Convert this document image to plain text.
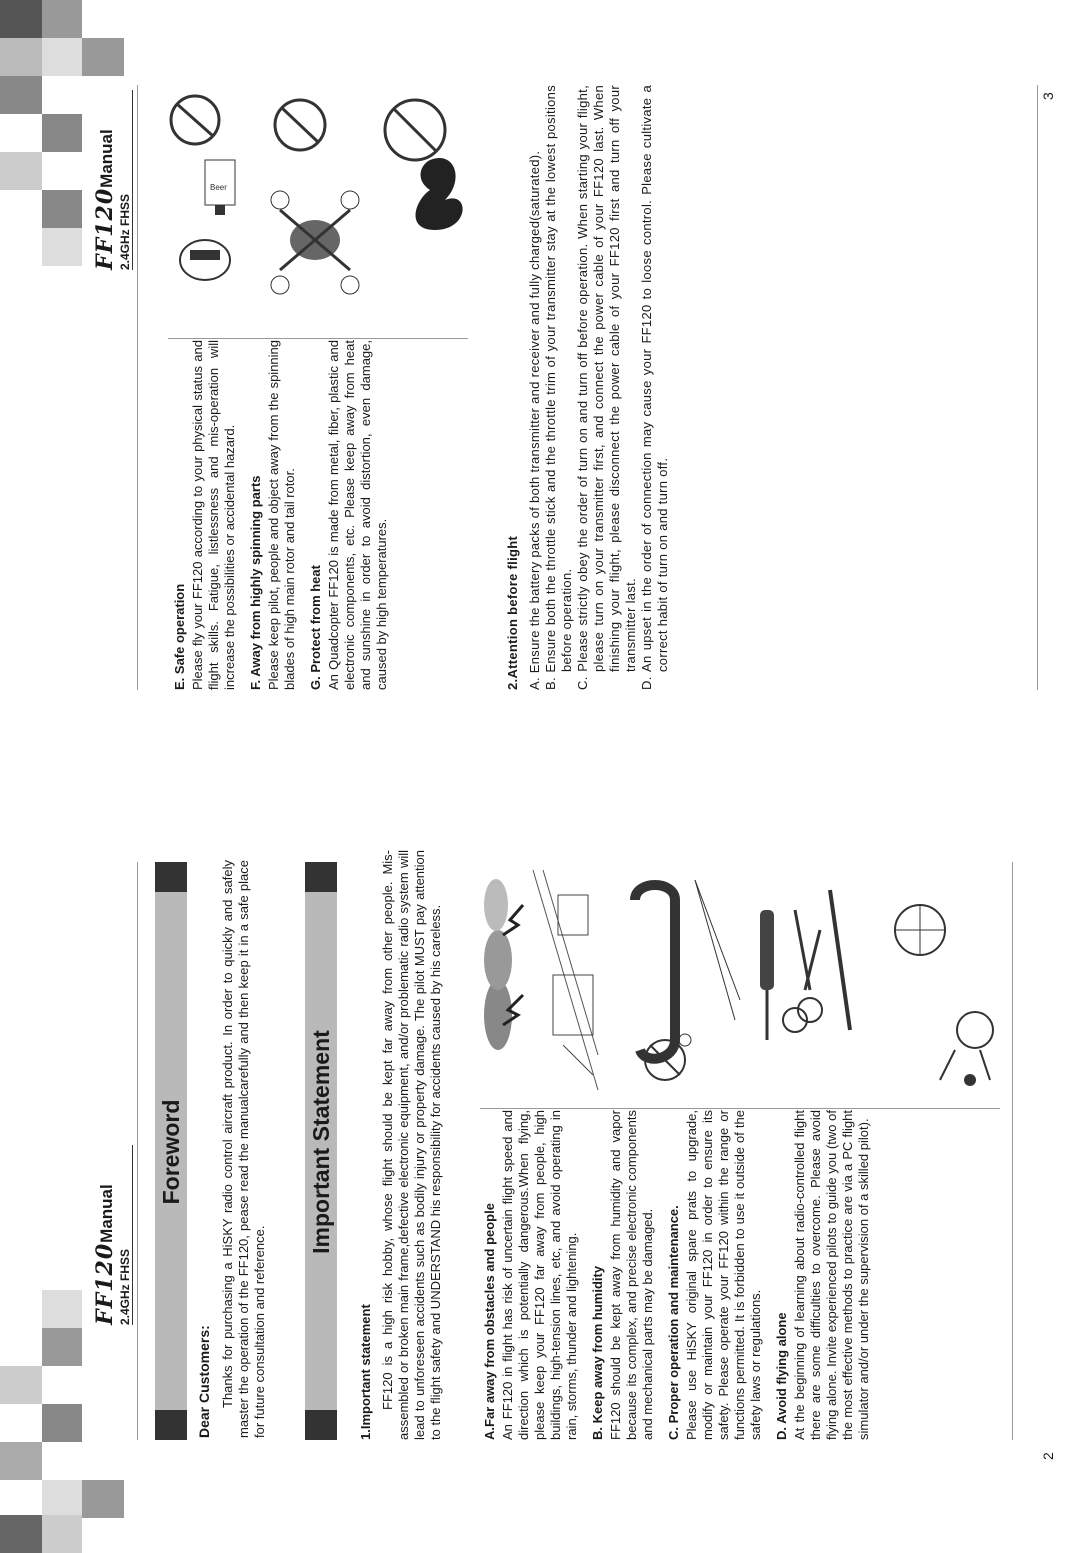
FF120Manual
2.4GHz FHSS
FF120Manual
2.4GHz FHSS
Foreword

Dear Customers: Thanks for purchasing a HiSKY radio control aircraft product. In order to quickly and safely master the operation of the FF120, pease read the manualcarefully and then keep it in a safe place for future consultation and reference.

Important Statement

1.Important statement FF120 is a high risk hobby, whose flight should be kept far away from other people. Mis-assembled or broken main frame,defective electronic equipment, and/or problematic radio system will lead to unforeseen accidents such as bodily injury or property damage. The pilot MUST pay attention to the flight safety and UNDERSTAND his responsibility for accidents caused by his careless.	A.Far away from obstacles and people An FF120 in flight has risk of uncertain flight speed and direction which is potentially dangerous.When flying, please keep your FF120 far away from people, high buildings, high-tension lines, etc, and avoid operating in rain, storms, thunder and lightening. B. Keep away from humidity FF120 should be kept away from humidity and vapor because its complex, and precise electronic components and mechanical parts may be damaged. C. Proper operation and maintenance. Please use HiSKY original spare prats to upgrade, modify or maintain your FF120 in order to ensure its safety. Please operate your FF120 within the range or functions permitted. It is forbidden to use it outside of the safety laws or regulations. D. Avoid flying alone At the beginning of learning about radio-controlled flight there are some difficulties to overcome. Please avoid flying alone. Invite experienced pilots to guide you (two of the most effective methods to practice are via a PC flight simulator and/or under the supervision of a skilled pilot).

E. Safe operation Please fly your FF120 according to your physical status and flight skills. Fatigue, listlessness and mis-operation will increase the possibilities or accidental hazard. F. Away from highly spinning parts Please keep pilot, people and object away from the spinning blades of high main rotor and tail rotor. G. Protect from heat An Quadcopter FF120 is made from metal, fiber, plastic and electronic components, etc. Please keep away from heat and sunshine in order to avoid distortion, even damage, caused by high temperatures.

Beer

2.Attention before flight A. Ensure the battery packs of both transmitter and receiver and fully charged(saturated). B. Ensure both the throttle stick and the throttle trim of your transmitter stay at the lowest positions before operation. C. Please strictly obey the order of turn on and turn off before operation. When starting your flight, please turn on your transmitter first, and connect the power cable of your FF120 last. When finishing your flight, please disconnect the power cable of your FF120 first and turn off your transmitter last. D. An upset in the order of connection may cause your FF120 to loose control. Please cultivate a correct habit of turn on and turn off.

2
3
